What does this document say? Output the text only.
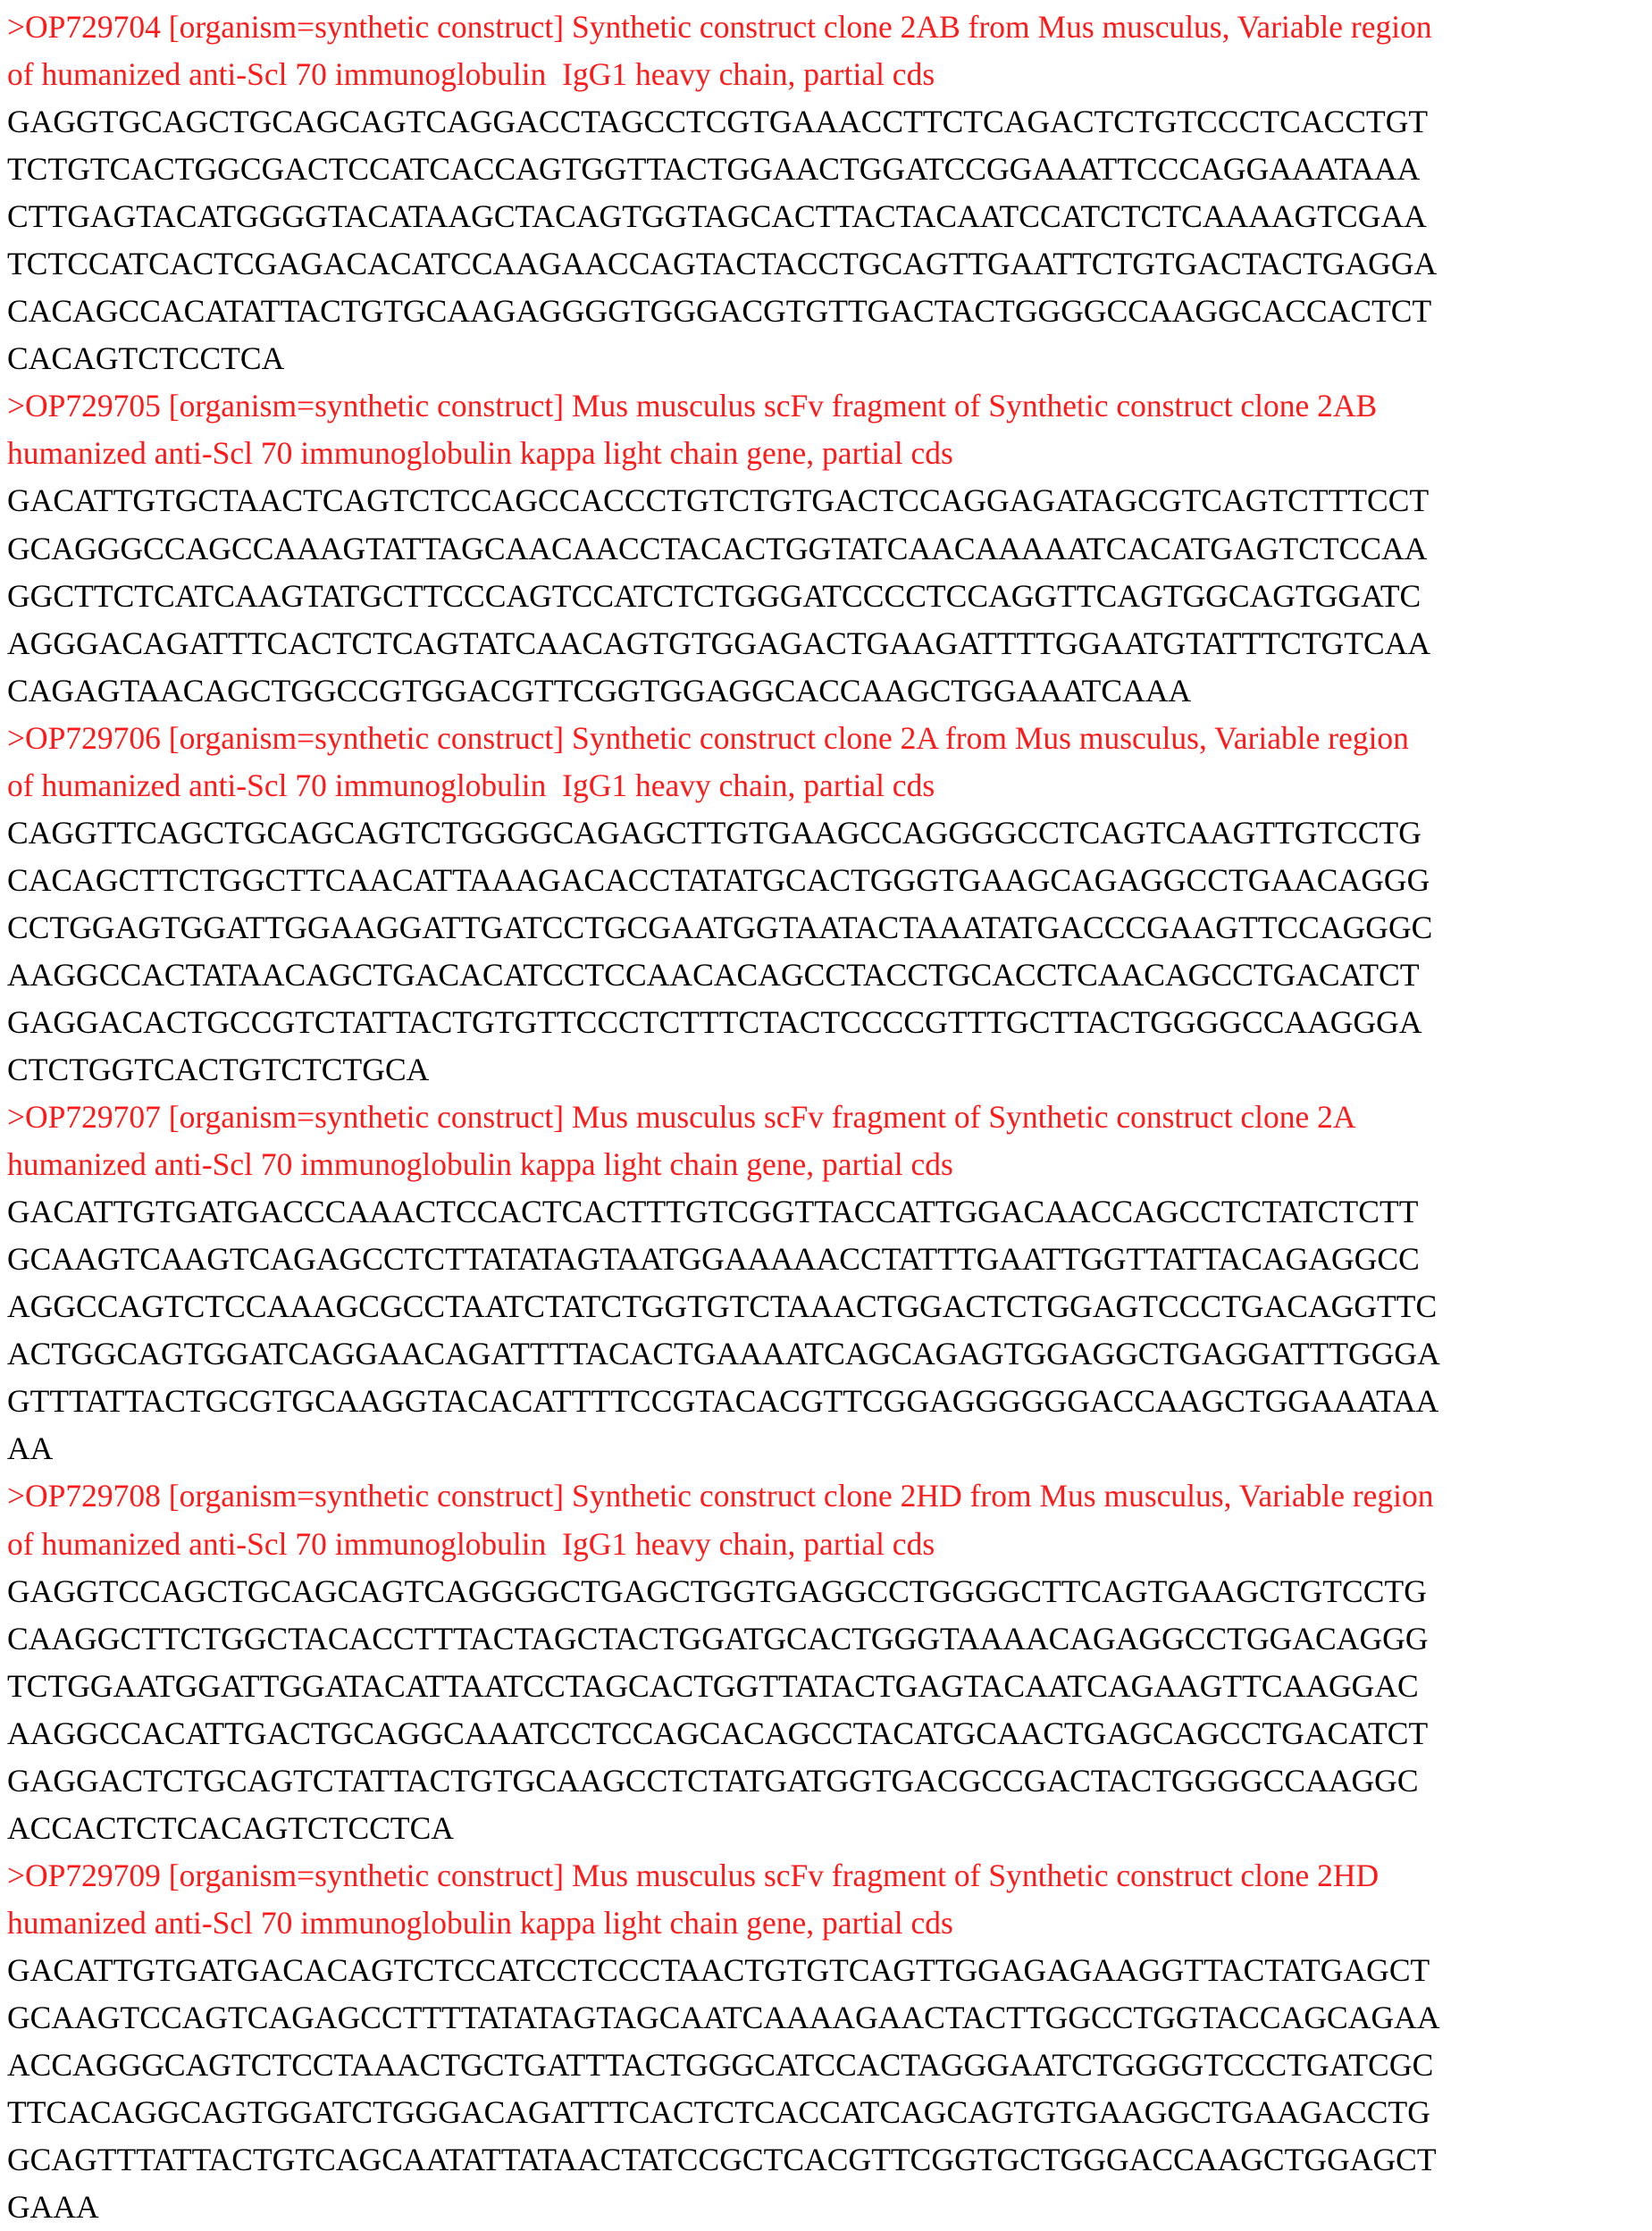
>OP729704 [organism=synthetic construct] Synthetic construct clone 2AB from Mus musculus, Variable region
of humanized anti-Scl 70 immunoglobulin  IgG1 heavy chain, partial cds
GAGGTGCAGCTGCAGCAGTCAGGACCTAGCCTCGTGAAACCTTCTCAGACTCTGTCCCTCACCTGT
TCTGTCACTGGCGACTCCATCACCAGTGGTTACTGGAACTGGATCCGGAAATTCCCAGGAAATAAA
CTTGAGTACATGGGGTACATAAGCTACAGTGGTAGCACTTACTACAATCCATCTCTCAAAAGTCGAA
TCTCCATCACTCGAGACACATCCAAGAACCAGTACTACCTGCAGTTGAATTCTGTGACTACTGAGGA
CACAGCCACATATTACTGTGCAAGAGGGGTGGGACGTGTTGACTACTGGGGCCAAGGCACCACTCT
CACAGTCTCCTCA
>OP729705 [organism=synthetic construct] Mus musculus scFv fragment of Synthetic construct clone 2AB
humanized anti-Scl 70 immunoglobulin kappa light chain gene, partial cds
GACATTGTGCTAACTCAGTCTCCAGCCACCCTGTCTGTGACTCCAGGAGATAGCGTCAGTCTTTCCT
GCAGGGCCAGCCAAAGTATTAGCAACAACCTACACTGGTATCAACAAAAATCACATGAGTCTCCAA
GGCTTCTCATCAAGTATGCTTCCCAGTCCATCTCTGGGATCCCCTCCAGGTTCAGTGGCAGTGGATC
AGGGACAGATTTCACTCTCAGTATCAACAGTGTGGAGACTGAAGATTTTGGAATGTATTTCTGTCAA
CAGAGTAACAGCTGGCCGTGGACGTTCGGTGGAGGCACCAAGCTGGAAATCAAA
>OP729706 [organism=synthetic construct] Synthetic construct clone 2A from Mus musculus, Variable region
of humanized anti-Scl 70 immunoglobulin  IgG1 heavy chain, partial cds
CAGGTTCAGCTGCAGCAGTCTGGGGCAGAGCTTGTGAAGCCAGGGGCCTCAGTCAAGTTGTCCTG
CACAGCTTCTGGCTTCAACATTAAAGACACCTATATGCACTGGGTGAAGCAGAGGCCTGAACAGGG
CCTGGAGTGGATTGGAAGGATTGATCCTGCGAATGGTAATACTAAATATGACCCGAAGTTCCAGGGC
AAGGCCACTATAACAGCTGACACATCCTCCAACACAGCCTACCTGCACCTCAACAGCCTGACATCT
GAGGACACTGCCGTCTATTACTGTGTTCCCTCTTTCTACTCCCCGTTTGCTTACTGGGGCCAAGGGA
CTCTGGTCACTGTCTCTGCA
>OP729707 [organism=synthetic construct] Mus musculus scFv fragment of Synthetic construct clone 2A
humanized anti-Scl 70 immunoglobulin kappa light chain gene, partial cds
GACATTGTGATGACCCAAACTCCACTCACTTTGTCGGTTACCATTGGACAACCAGCCTCTATCTCTT
GCAAGTCAAGTCAGAGCCTCTTATATAGTAATGGAAAAACCTATTTGAATTGGTTATTACAGAGGCC
AGGCCAGTCTCCAAAGCGCCTAATCTATCTGGTGTCTAAACTGGACTCTGGAGTCCCTGACAGGTTC
ACTGGCAGTGGATCAGGAACAGATTTTACACTGAAAATCAGCAGAGTGGAGGCTGAGGATTTGGGA
GTTTATTACTGCGTGCAAGGTACACATTTTCCGTACACGTTCGGAGGGGGGACCAAGCTGGAAATAA
AA
>OP729708 [organism=synthetic construct] Synthetic construct clone 2HD from Mus musculus, Variable region
of humanized anti-Scl 70 immunoglobulin  IgG1 heavy chain, partial cds
GAGGTCCAGCTGCAGCAGTCAGGGGCTGAGCTGGTGAGGCCTGGGGCTTCAGTGAAGCTGTCCTG
CAAGGCTTCTGGCTACACCTTTACTAGCTACTGGATGCACTGGGTAAAACAGAGGCCTGGACAGGG
TCTGGAATGGATTGGATACATTAATCCTAGCACTGGTTATACTGAGTACAATCAGAAGTTCAAGGAC
AAGGCCACATTGACTGCAGGCAAATCCTCCAGCACAGCCTACATGCAACTGAGCAGCCTGACATCT
GAGGACTCTGCAGTCTATTACTGTGCAAGCCTCTATGATGGTGACGCCGACTACTGGGGCCAAGGC
ACCACTCTCACAGTCTCCTCA
>OP729709 [organism=synthetic construct] Mus musculus scFv fragment of Synthetic construct clone 2HD
humanized anti-Scl 70 immunoglobulin kappa light chain gene, partial cds
GACATTGTGATGACACAGTCTCCATCCTCCCTAACTGTGTCAGTTGGAGAGAAGGTTACTATGAGCT
GCAAGTCCAGTCAGAGCCTTTTATATAGTAGCAATCAAAAGAACTACTTGGCCTGGTACCAGCAGAA
ACCAGGGCAGTCTCCTAAACTGCTGATTTACTGGGCATCCACTAGGGAATCTGGGGTCCCTGATCGC
TTCACAGGCAGTGGATCTGGGACAGATTTCACTCTCACCATCAGCAGTGTGAAGGCTGAAGACCTG
GCAGTTTATTACTGTCAGCAATATTATAACTATCCGCTCACGTTCGGTGCTGGGACCAAGCTGGAGCT
GAAA
